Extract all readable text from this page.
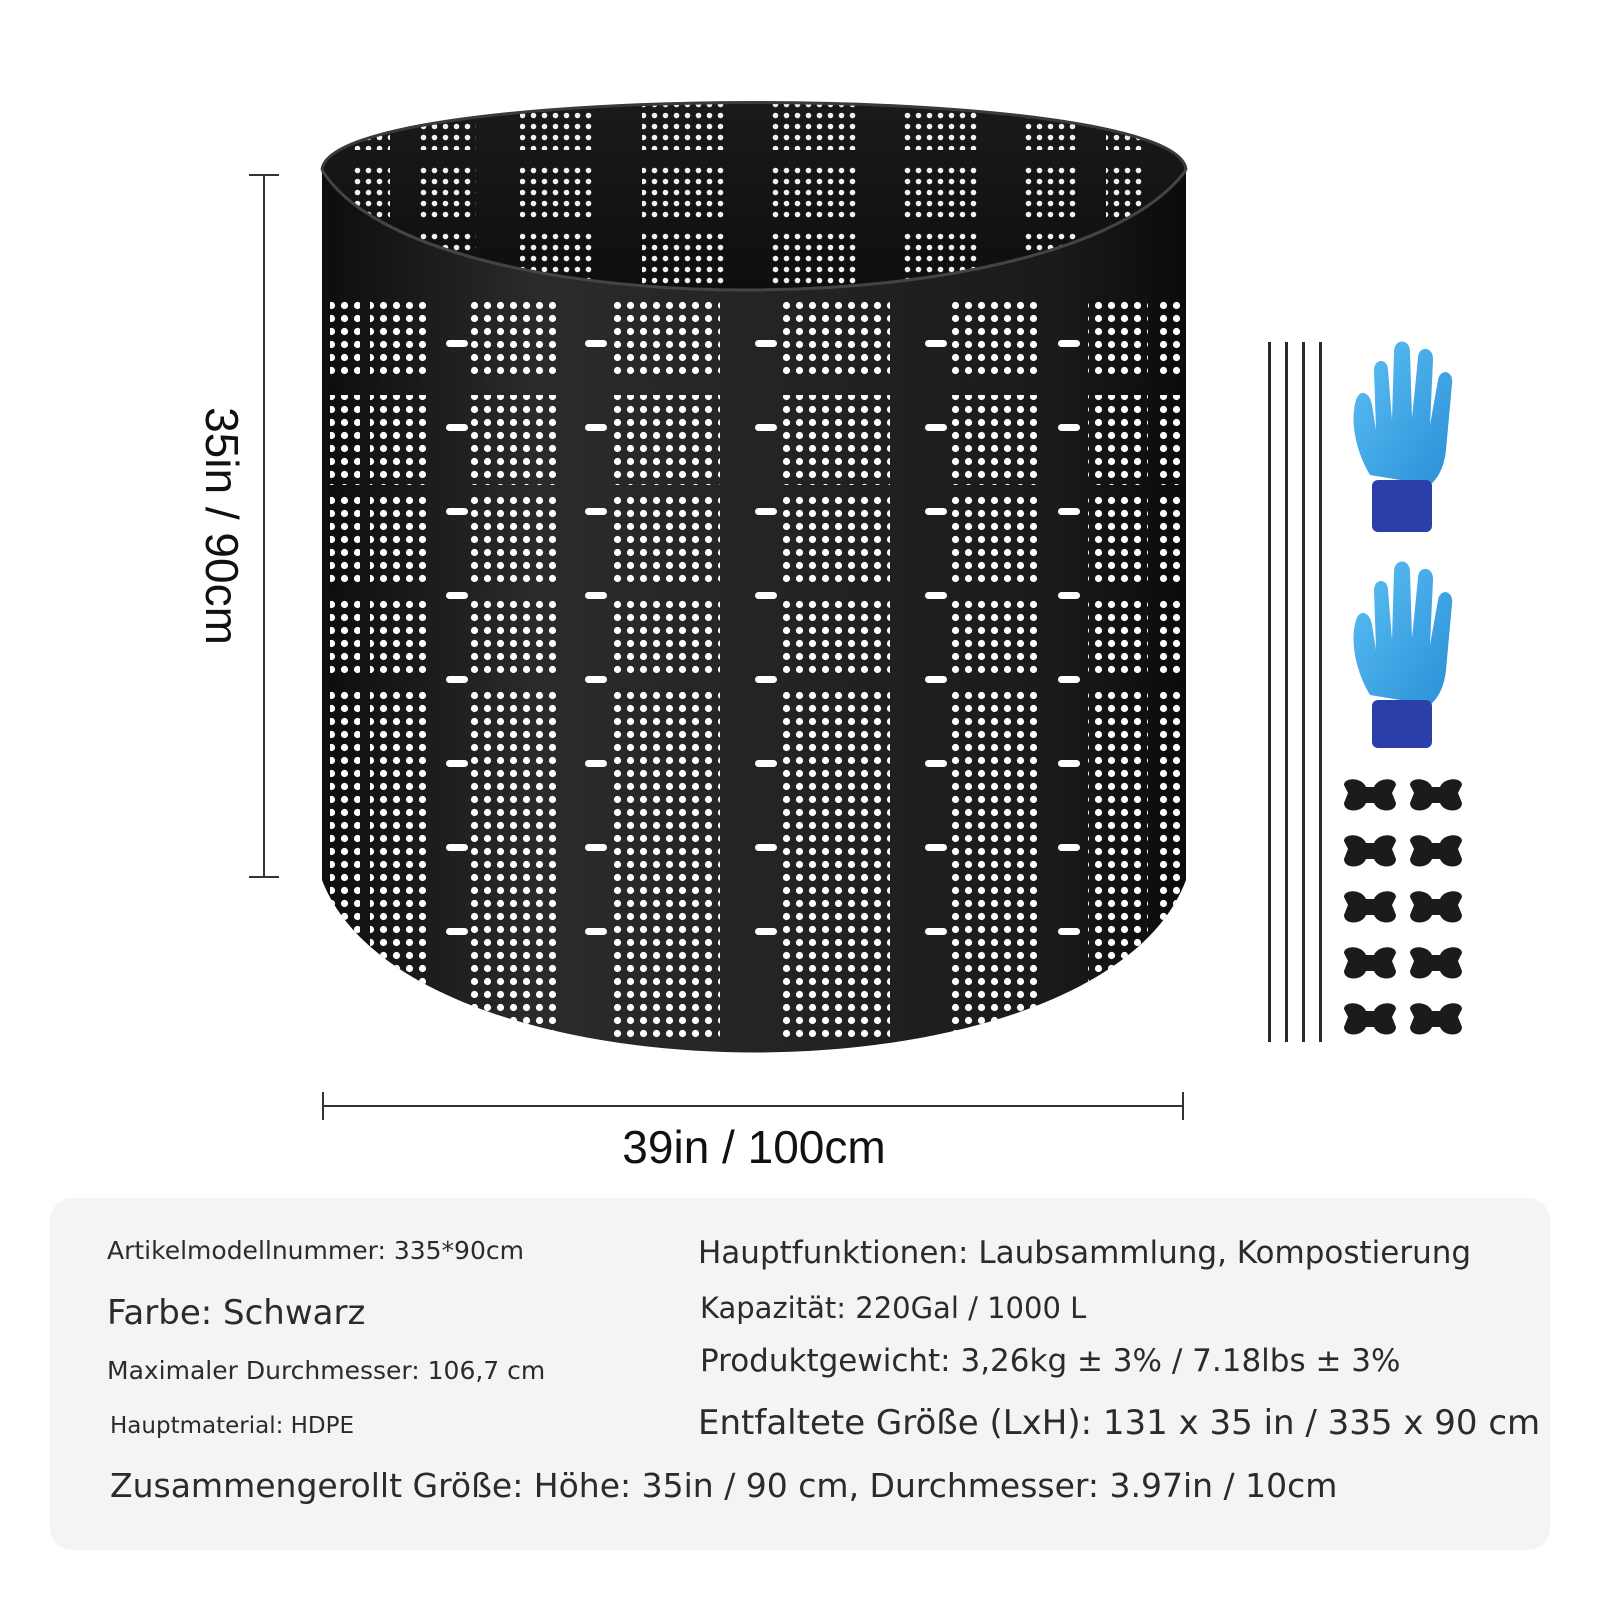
35in / 90cm
39in / 100cm
Artikelmodellnummer: 335*90cm
Farbe: Schwarz
Maximaler Durchmesser: 106,7 cm
Hauptmaterial: HDPE
Hauptfunktionen: Laubsammlung, Kompostierung
Kapazität: 220Gal / 1000 L
Produktgewicht: 3,26kg ± 3% / 7.18lbs ± 3%
Entfaltete Größe (LxH): 131 x 35 in / 335 x 90 cm
Zusammengerollt Größe: Höhe: 35in / 90 cm, Durchmesser: 3.97in / 10cm
